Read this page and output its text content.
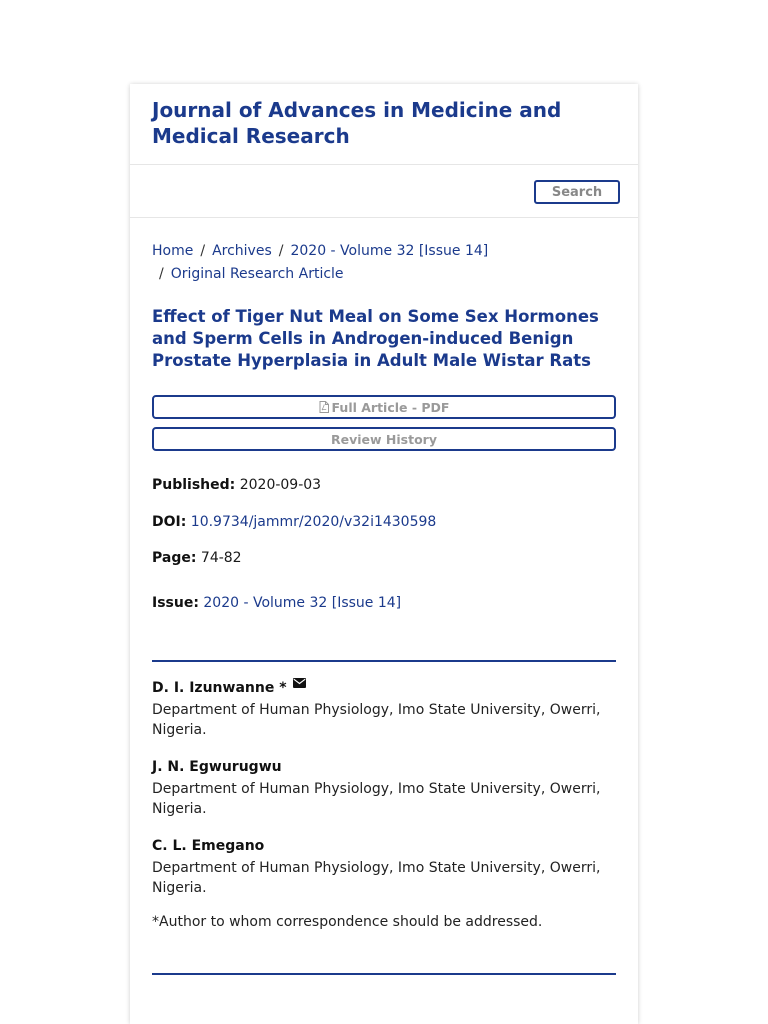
Journal of Advances in Medicine and Medical Research
Search
Home / Archives / 2020 - Volume 32 [Issue 14]
/ Original Research Article
Effect of Tiger Nut Meal on Some Sex Hormones and Sperm Cells in Androgen-induced Benign Prostate Hyperplasia in Adult Male Wistar Rats
Full Article - PDF
Review History
Published: 2020-09-03
DOI: 10.9734/jammr/2020/v32i1430598
Page: 74-82
Issue: 2020 - Volume 32 [Issue 14]
D. I. Izunwanne *
Department of Human Physiology, Imo State University, Owerri, Nigeria.
J. N. Egwurugwu
Department of Human Physiology, Imo State University, Owerri, Nigeria.
C. L. Emegano
Department of Human Physiology, Imo State University, Owerri, Nigeria.
*Author to whom correspondence should be addressed.
